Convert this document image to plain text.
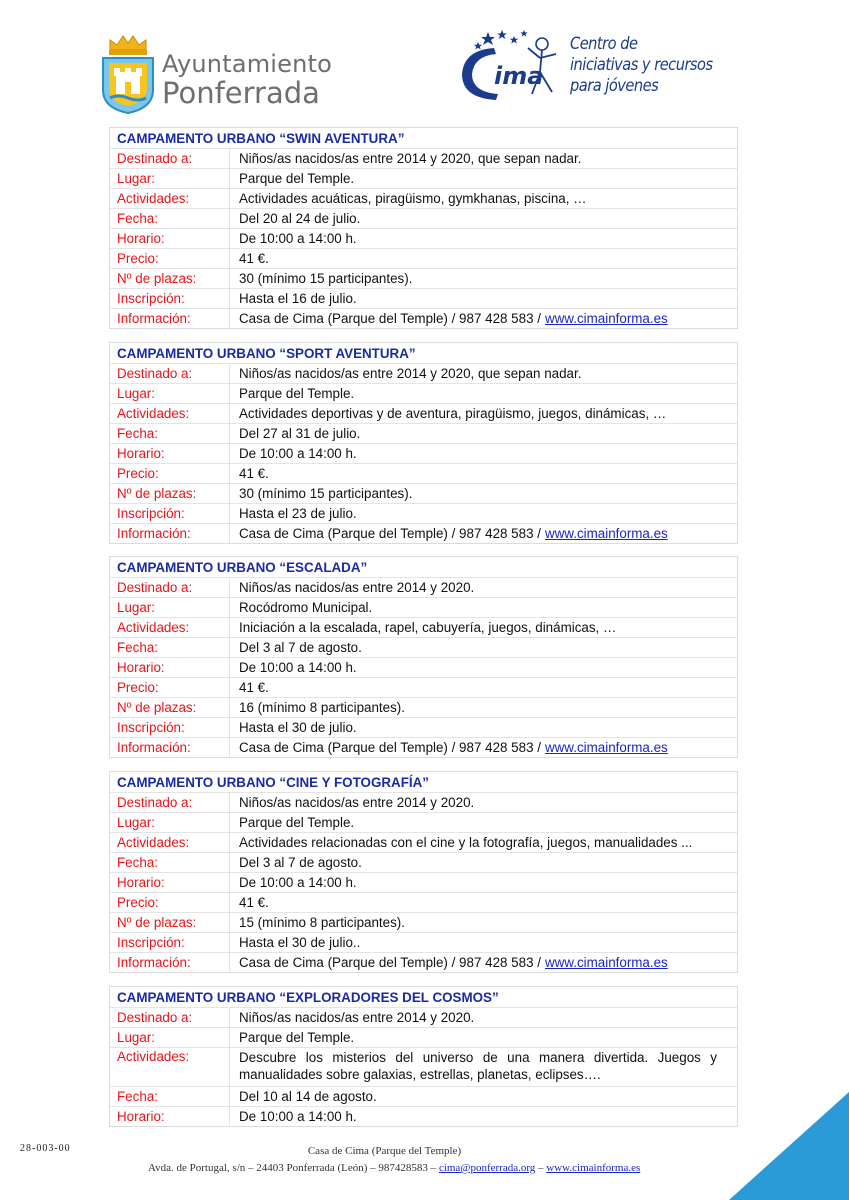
Ayuntamiento
Ponferrada	ima
Centro de
iniciativas y recursos
para jóvenes
CAMPAMENTO URBANO “SWIN AVENTURA”
Destinado a:	Niños/as nacidos/as entre 2014 y 2020, que sepan nadar.
Lugar:	Parque del Temple.
Actividades:	Actividades acuáticas, piragüismo, gymkhanas, piscina, …
Fecha:	Del 20 al 24 de julio.
Horario:	De 10:00 a 14:00 h.
Precio:	41 €.
Nº de plazas:	30 (mínimo 15 participantes).
Inscripción:	Hasta el 16 de julio.
Información:	Casa de Cima (Parque del Temple) / 987 428 583 / www.cimainforma.es
CAMPAMENTO URBANO “SPORT AVENTURA”
Destinado a:	Niños/as nacidos/as entre 2014 y 2020, que sepan nadar.
Lugar:	Parque del Temple.
Actividades:	Actividades deportivas y de aventura, piragüismo, juegos, dinámicas, …
Fecha:	Del 27 al 31 de julio.
Horario:	De 10:00 a 14:00 h.
Precio:	41 €.
Nº de plazas:	30 (mínimo 15 participantes).
Inscripción:	Hasta el 23 de julio.
Información:	Casa de Cima (Parque del Temple) / 987 428 583 / www.cimainforma.es
CAMPAMENTO URBANO “ESCALADA”
Destinado a:	Niños/as nacidos/as entre 2014 y 2020.
Lugar:	Rocódromo Municipal.
Actividades:	Iniciación a la escalada, rapel, cabuyería, juegos, dinámicas, …
Fecha:	Del 3 al 7 de agosto.
Horario:	De 10:00 a 14:00 h.
Precio:	41 €.
Nº de plazas:	16 (mínimo 8 participantes).
Inscripción:	Hasta el 30 de julio.
Información:	Casa de Cima (Parque del Temple) / 987 428 583 / www.cimainforma.es
CAMPAMENTO URBANO “CINE Y FOTOGRAFÍA”
Destinado a:	Niños/as nacidos/as entre 2014 y 2020.
Lugar:	Parque del Temple.
Actividades:	Actividades relacionadas con el cine y la fotografía, juegos, manualidades ...
Fecha:	Del 3 al 7 de agosto.
Horario:	De 10:00 a 14:00 h.
Precio:	41 €.
Nº de plazas:	15 (mínimo 8 participantes).
Inscripción:	Hasta el 30 de julio..
Información:	Casa de Cima (Parque del Temple) / 987 428 583 / www.cimainforma.es
CAMPAMENTO URBANO “EXPLORADORES DEL COSMOS”
Destinado a:	Niños/as nacidos/as entre 2014 y 2020.
Lugar:	Parque del Temple.
Actividades:	Descubre los misterios del universo de una manera divertida. Juegos y manualidades sobre galaxias, estrellas, planetas, eclipses….
Fecha:	Del 10 al 14 de agosto.
Horario:	De 10:00 a 14:00 h.
28-003-00	Casa de Cima (Parque del Temple)
Avda. de Portugal, s/n – 24403 Ponferrada (León) – 987428583 – cima@ponferrada.org – www.cimainforma.es
